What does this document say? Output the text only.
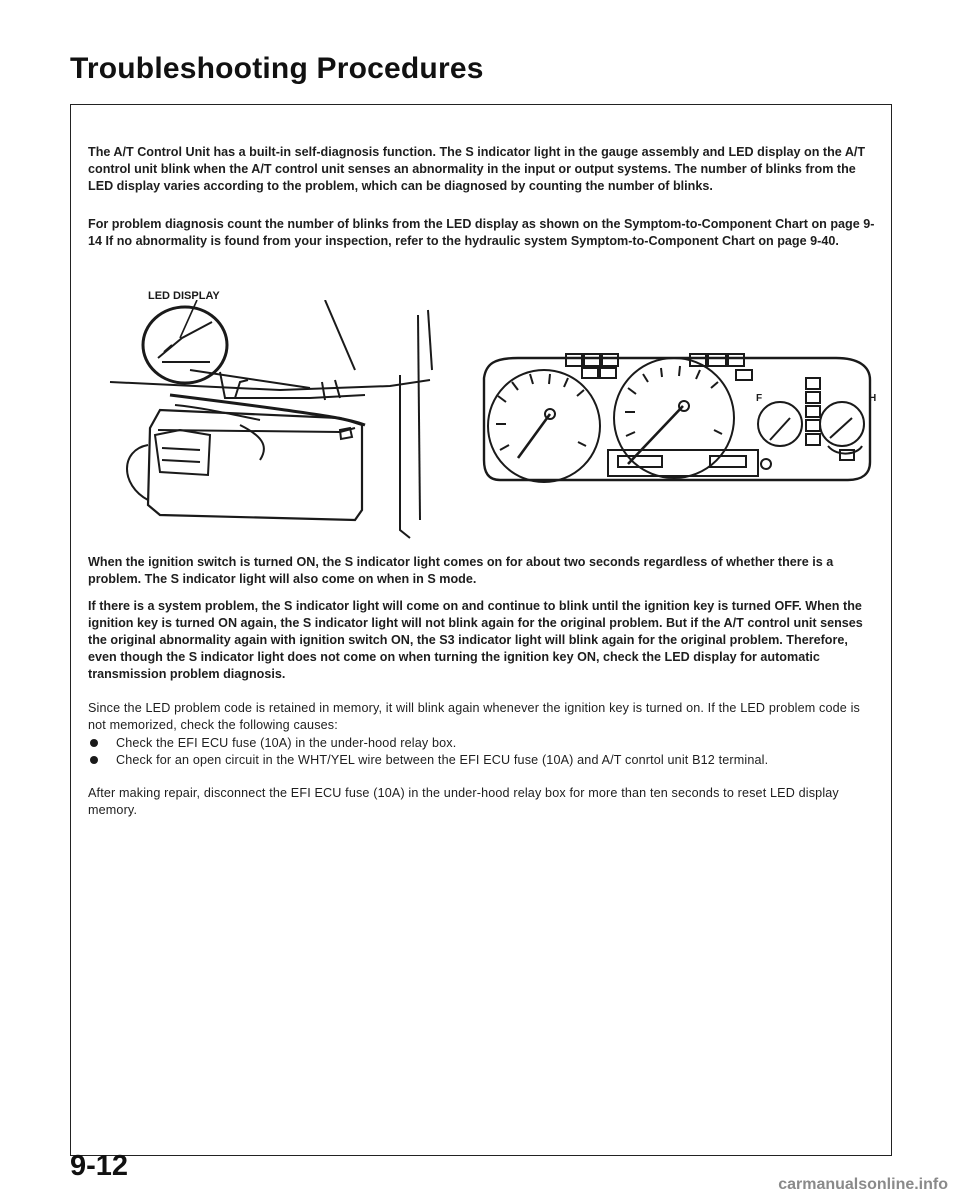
Troubleshooting Procedures
The A/T Control Unit has a built-in self-diagnosis function. The S indicator light in the gauge assembly and LED display on the A/T control unit blink when the A/T control unit senses an abnormality in the input or output systems. The number of blinks from the LED display varies according to the problem, which can be diagnosed by counting the number of blinks.
For problem diagnosis count the number of blinks from the LED display as shown on the Symptom-to-Component Chart on page 9-14 If no abnormality is found from your inspection, refer to the hydraulic system Symptom-to-Component Chart on page 9-40.
LED DISPLAY
F	H
When the ignition switch is turned ON, the S indicator light comes on for about two seconds regardless of whether there is a problem. The S indicator light will also come on when in S mode.
If there is a system problem, the S indicator light will come on and continue to blink until the ignition key is turned OFF. When the ignition key is turned ON again, the S indicator light will not blink again for the original problem. But if the A/T control unit senses the original abnormality again with ignition switch ON, the S3 indicator light will blink again for the original problem. Therefore, even though the S indicator light does not come on when turning the ignition key ON, check the LED display for automatic transmission problem diagnosis.
Since the LED problem code is retained in memory, it will blink again whenever the ignition key is turned on. If the LED problem code is not memorized, check the following causes:
Check the EFI ECU fuse (10A) in the under-hood relay box.
Check for an open circuit in the WHT/YEL wire between the EFI ECU fuse (10A) and A/T conrtol unit B12 terminal.
After making repair, disconnect the EFI ECU fuse (10A) in the under-hood relay box for more than ten seconds to reset LED display memory.
9-12
carmanualsonline.info
